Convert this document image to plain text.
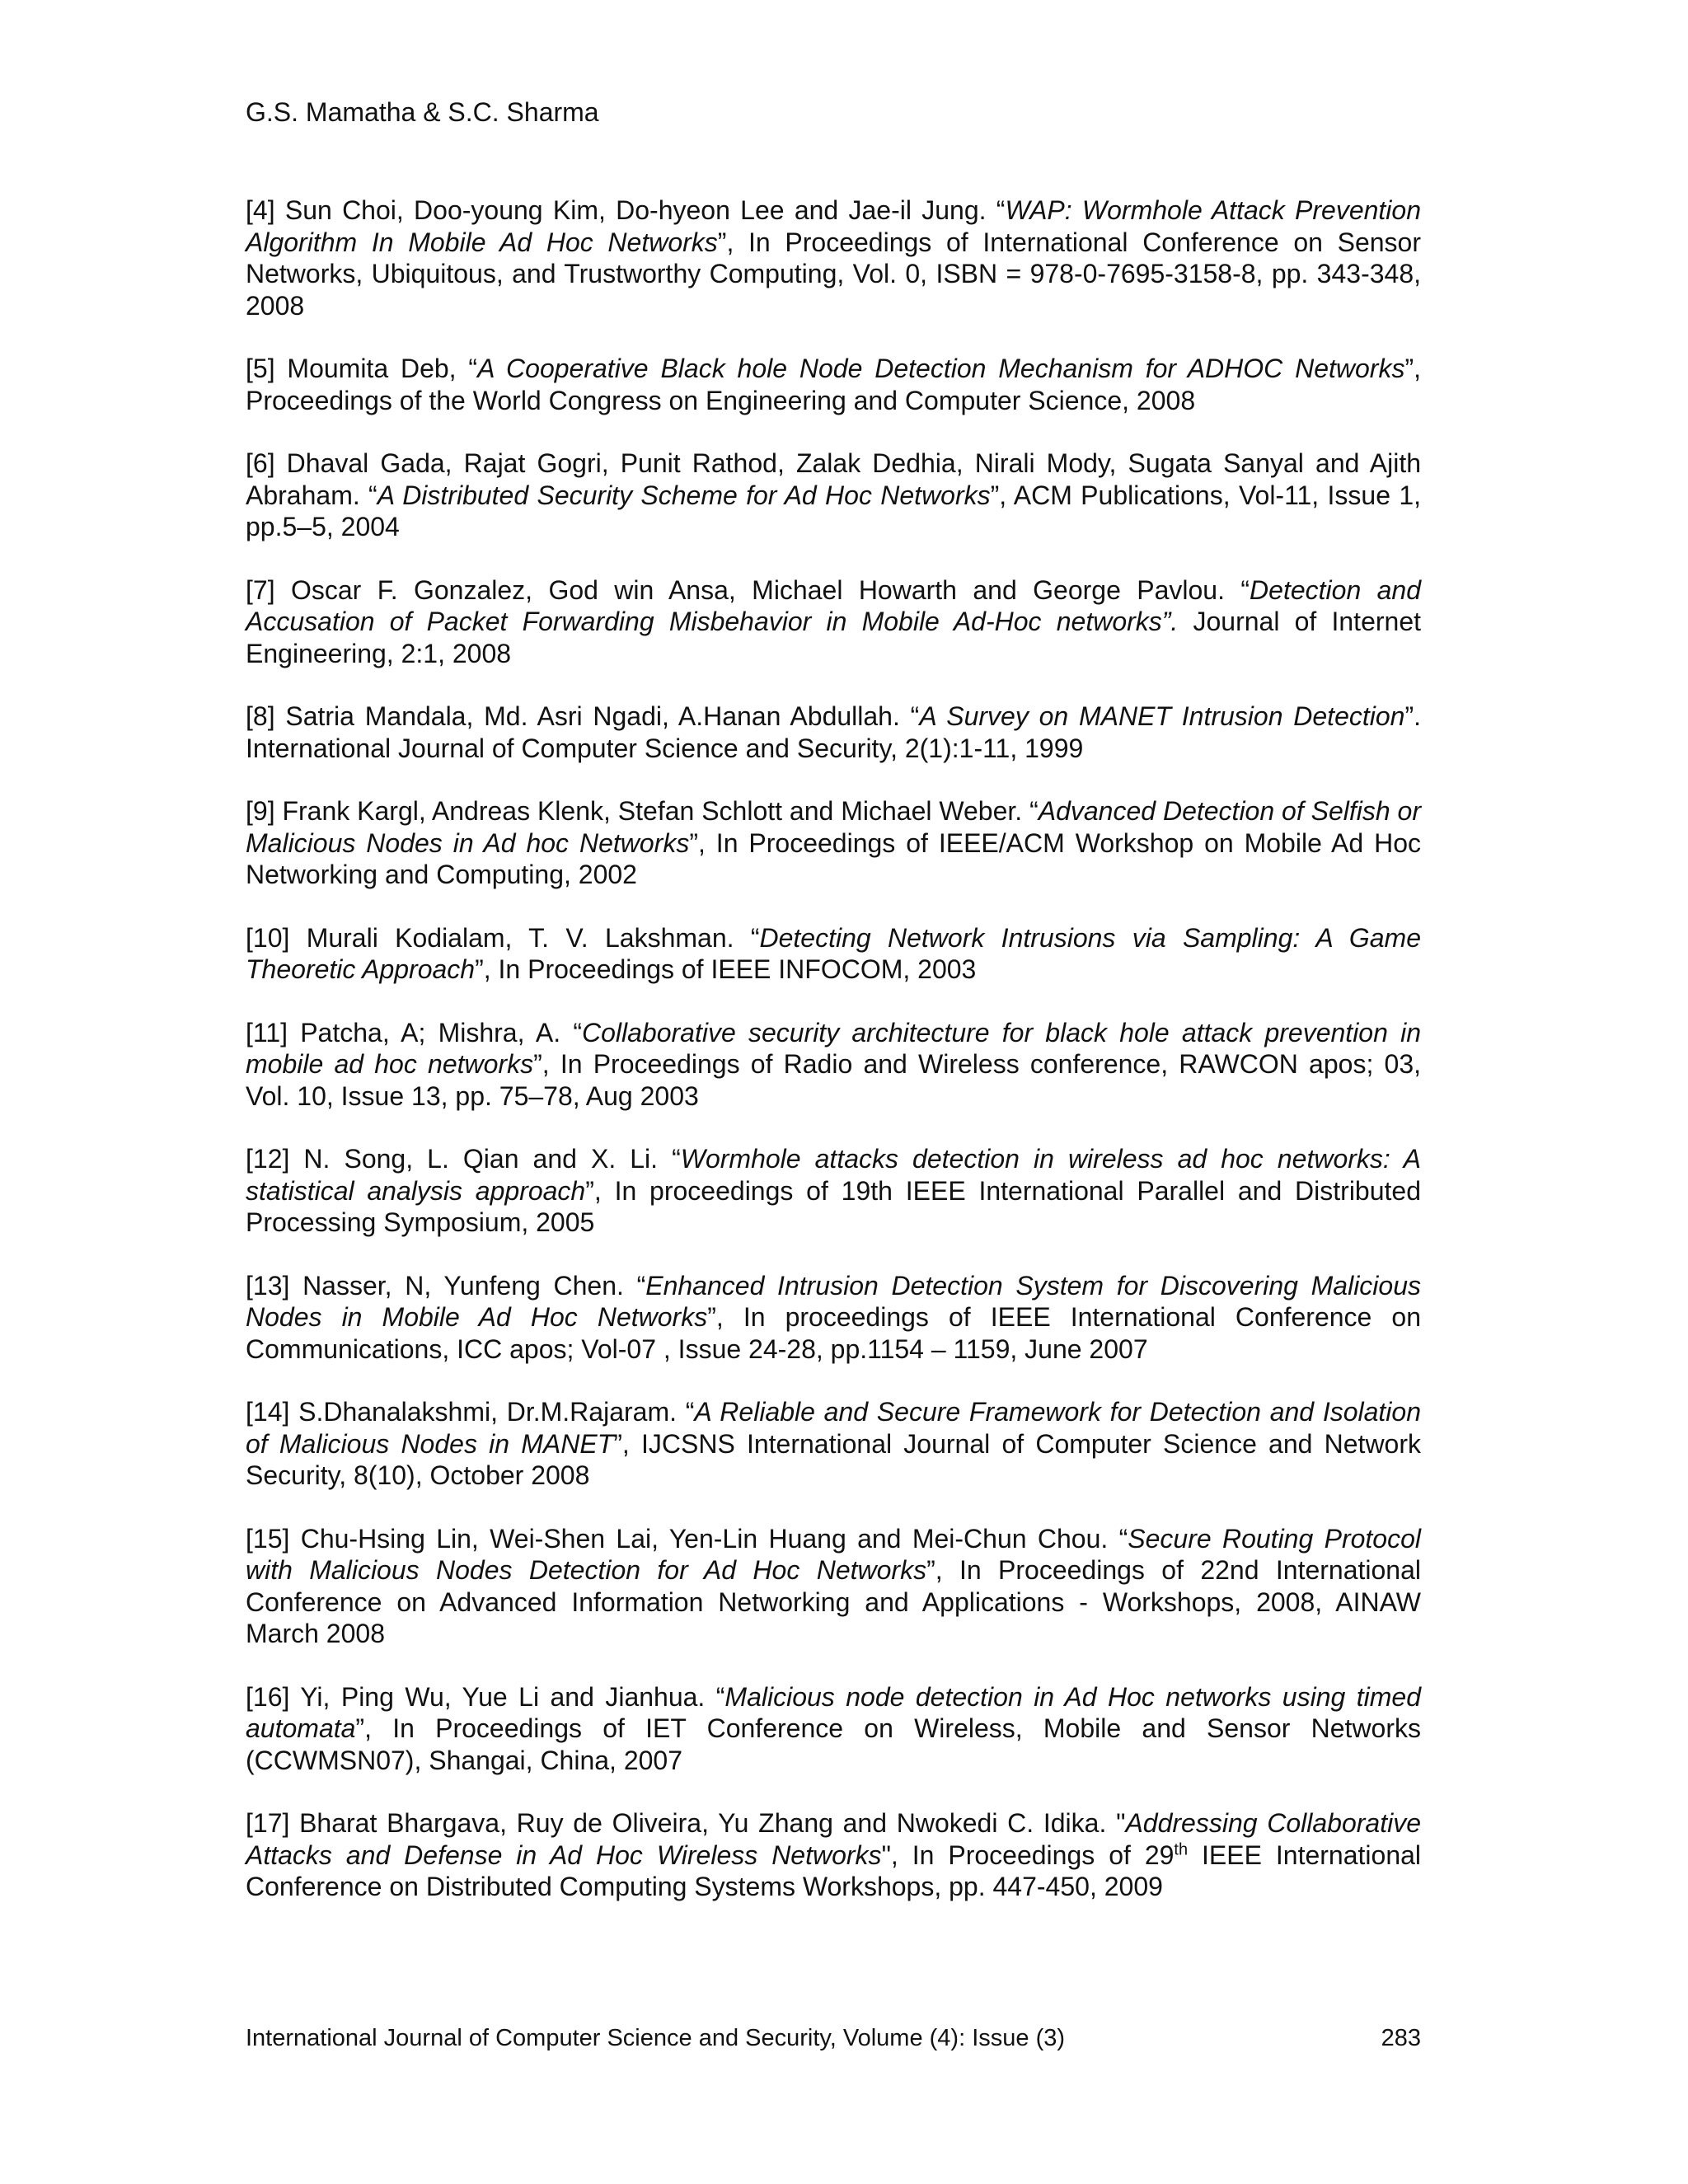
G.S. Mamatha & S.C. Sharma

[4] Sun Choi, Doo-young Kim, Do-hyeon Lee and Jae-il Jung. “WAP: Wormhole Attack Prevention Algorithm In Mobile Ad Hoc Networks”, In Proceedings of International Conference on Sensor Networks, Ubiquitous, and Trustworthy Computing, Vol. 0, ISBN = 978-0-7695-3158-8, pp. 343-348, 2008

[5] Moumita Deb, “A Cooperative Black hole Node Detection Mechanism for ADHOC Networks”, Proceedings of the World Congress on Engineering and Computer Science, 2008

[6] Dhaval Gada, Rajat Gogri, Punit Rathod, Zalak Dedhia, Nirali Mody, Sugata Sanyal and Ajith Abraham. “A Distributed Security Scheme for Ad Hoc Networks”, ACM Publications, Vol-11, Issue 1, pp.5–5, 2004

[7] Oscar F. Gonzalez, God win Ansa, Michael Howarth and George Pavlou. “Detection and Accusation of Packet Forwarding Misbehavior in Mobile Ad-Hoc networks”. Journal of Internet Engineering, 2:1, 2008

[8] Satria Mandala, Md. Asri Ngadi, A.Hanan Abdullah. “A Survey on MANET Intrusion Detection”. International Journal of Computer Science and Security, 2(1):1-11, 1999

[9] Frank Kargl, Andreas Klenk, Stefan Schlott and Michael Weber. “Advanced Detection of Selfish or Malicious Nodes in Ad hoc Networks”, In Proceedings of IEEE/ACM Workshop on Mobile Ad Hoc Networking and Computing, 2002

[10] Murali Kodialam, T. V. Lakshman. “Detecting Network Intrusions via Sampling: A Game Theoretic Approach”, In Proceedings of IEEE INFOCOM, 2003

[11] Patcha, A; Mishra, A. “Collaborative security architecture for black hole attack prevention in mobile ad hoc networks”, In Proceedings of Radio and Wireless conference, RAWCON apos; 03, Vol. 10, Issue 13, pp. 75–78, Aug 2003

[12] N. Song, L. Qian and X. Li. “Wormhole attacks detection in wireless ad hoc networks: A statistical analysis approach”, In proceedings of 19th IEEE International Parallel and Distributed Processing Symposium, 2005

[13] Nasser, N, Yunfeng Chen. “Enhanced Intrusion Detection System for Discovering Malicious Nodes in Mobile Ad Hoc Networks”, In proceedings of IEEE International Conference on Communications, ICC apos; Vol-07 , Issue 24-28, pp.1154 – 1159, June 2007

[14] S.Dhanalakshmi, Dr.M.Rajaram. “A Reliable and Secure Framework for Detection and Isolation of Malicious Nodes in MANET”, IJCSNS International Journal of Computer Science and Network Security, 8(10), October 2008

[15] Chu-Hsing Lin, Wei-Shen Lai, Yen-Lin Huang and Mei-Chun Chou. “Secure Routing Protocol with Malicious Nodes Detection for Ad Hoc Networks”, In Proceedings of 22nd International Conference on Advanced Information Networking and Applications - Workshops, 2008, AINAW March 2008

[16] Yi, Ping Wu, Yue Li and Jianhua. “Malicious node detection in Ad Hoc networks using timed automata”, In Proceedings of IET Conference on Wireless, Mobile and Sensor Networks (CCWMSN07), Shangai, China, 2007

[17] Bharat Bhargava, Ruy de Oliveira, Yu Zhang and Nwokedi C. Idika. "Addressing Collaborative Attacks and Defense in Ad Hoc Wireless Networks", In Proceedings of 29th IEEE International Conference on Distributed Computing Systems Workshops, pp. 447-450, 2009

International Journal of Computer Science and Security, Volume (4): Issue (3)	283
